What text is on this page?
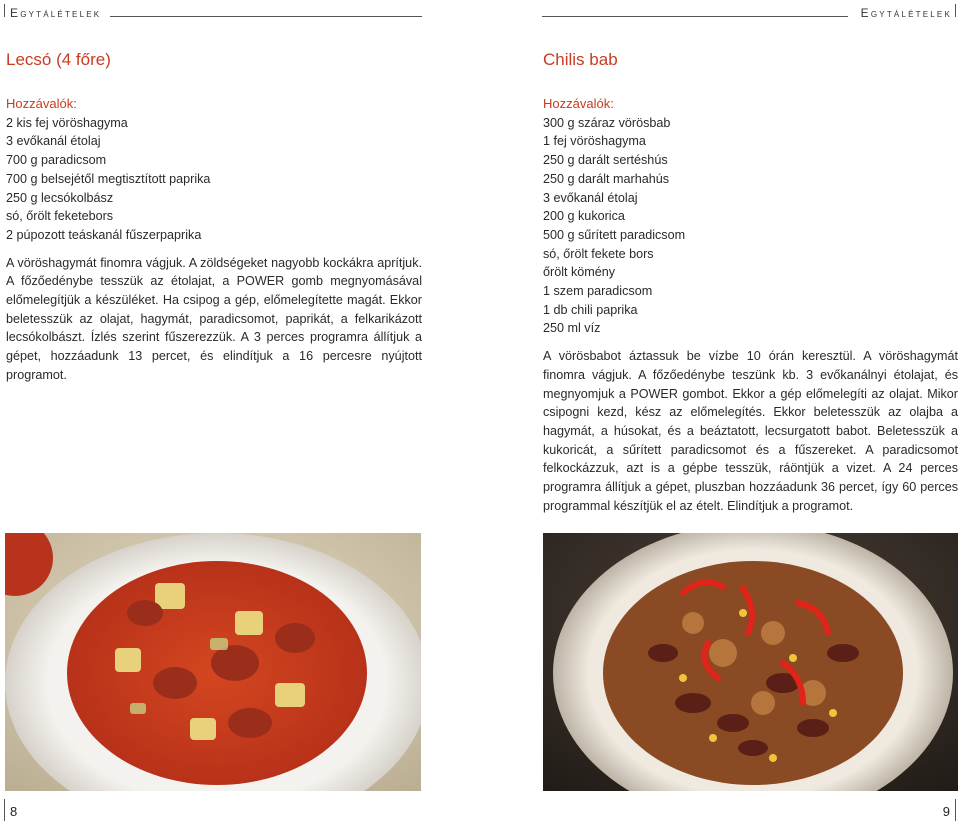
Egytálételek
Lecsó (4 főre)
Hozzávalók:
2 kis fej vöröshagyma
3 evőkanál étolaj
700 g paradicsom
700 g belsejétől megtisztított paprika
250 g lecsókolbász
só, őrölt feketebors
2 púpozott teáskanál fűszerpaprika

A vöröshagymát finomra vágjuk. A zöldségeket nagyobb kockákra aprítjuk. A főzőedénybe tesszük az étolajat, a POWER gomb megnyomásával előmelegítjük a készüléket. Ha csipog a gép, előmelegítette magát. Ekkor beletesszük az olajat, hagymát, paradicsomot, paprikát, a felkarikázott lecsókolbászt. Ízlés szerint fűszerezzük. A 3 perces programra állítjuk a gépet, hozzáadunk 13 percet, és elindítjuk a 16 percesre nyújtott programot.

8
Egytálételek
Chilis bab
Hozzávalók:
300 g száraz vörösbab
1 fej vöröshagyma
250 g darált sertéshús
250 g darált marhahús
3 evőkanál étolaj
200 g kukorica
500 g sűrített paradicsom
só, őrölt fekete bors
őrölt kömény
1 szem paradicsom
1 db chili paprika
250 ml víz

A vörösbabot áztassuk be vízbe 10 órán keresztül. A vöröshagymát finomra vágjuk. A főzőedénybe teszünk kb. 3 evőkanálnyi étolajat, és megnyomjuk a POWER gombot. Ekkor a gép előmelegíti az olajat. Mikor csipogni kezd, kész az előmelegítés. Ekkor beletesszük az olajba a hagymát, a húsokat, és a beáztatott, lecsurgatott babot. Beletesszük a kukoricát, a sűrített paradicsomot és a fűszereket. A paradicsomot felkockázzuk, azt is a gépbe tesszük, ráöntjük a vizet. A 24 perces programra állítjuk a gépet, pluszban hozzáadunk 36 percet, így 60 perces programmal készítjük el az ételt. Elindítjuk a programot.

9
